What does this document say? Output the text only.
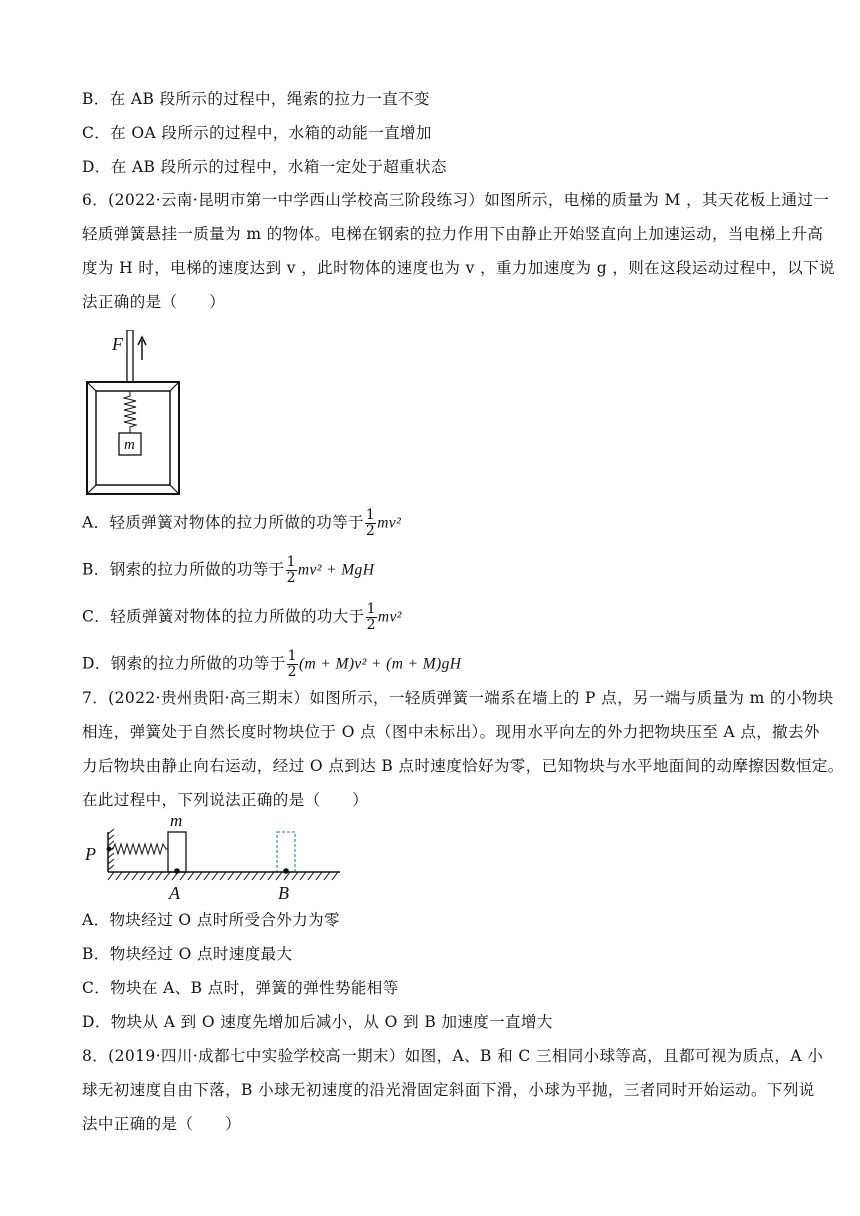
B．在 AB 段所示的过程中，绳索的拉力一直不变
C．在 OA 段所示的过程中，水箱的动能一直增加
D．在 AB 段所示的过程中，水箱一定处于超重状态
6．(2022·云南·昆明市第一中学西山学校高三阶段练习）如图所示，电梯的质量为 M ，其天花板上通过一
轻质弹簧悬挂一质量为 m 的物体。电梯在钢索的拉力作用下由静止开始竖直向上加速运动，当电梯上升高
度为 H 时，电梯的速度达到 v ，此时物体的速度也为 v ，重力加速度为 g ，则在这段运动过程中，以下说
法正确的是（　　）
F
m
A．轻质弹簧对物体的拉力所做的功等于 $\frac{1}{2} mv^2$
B．钢索的拉力所做的功等于 $\frac{1}{2} mv^2$ + MgH
C．轻质弹簧对物体的拉力所做的功大于 $\frac{1}{2} mv^2$
D．钢索的拉力所做的功等于 $\frac{1}{2} (m + M)v^2 + (m + M)gH$
7．(2022·贵州贵阳·高三期末）如图所示，一轻质弹簧一端系在墙上的 P 点，另一端与质量为 m 的小物块
相连，弹簧处于自然长度时物块位于 O 点（图中未标出）。现用水平向左的外力把物块压至 A 点，撤去外
力后物块由静止向右运动，经过 O 点到达 B 点时速度恰好为零，已知物块与水平地面间的动摩擦因数恒定。
在此过程中，下列说法正确的是（　　）
P
m
A	B
A．物块经过 O 点时所受合外力为零
B．物块经过 O 点时速度最大
C．物块在 A、B 点时，弹簧的弹性势能相等
D．物块从 A 到 O 速度先增加后减小，从 O 到 B 加速度一直增大
8．(2019·四川·成都七中实验学校高一期末）如图，A、B 和 C 三相同小球等高，且都可视为质点，A 小
球无初速度自由下落，B 小球无初速度的沿光滑固定斜面下滑，小球为平抛，三者同时开始运动。下列说
法中正确的是（　　）
